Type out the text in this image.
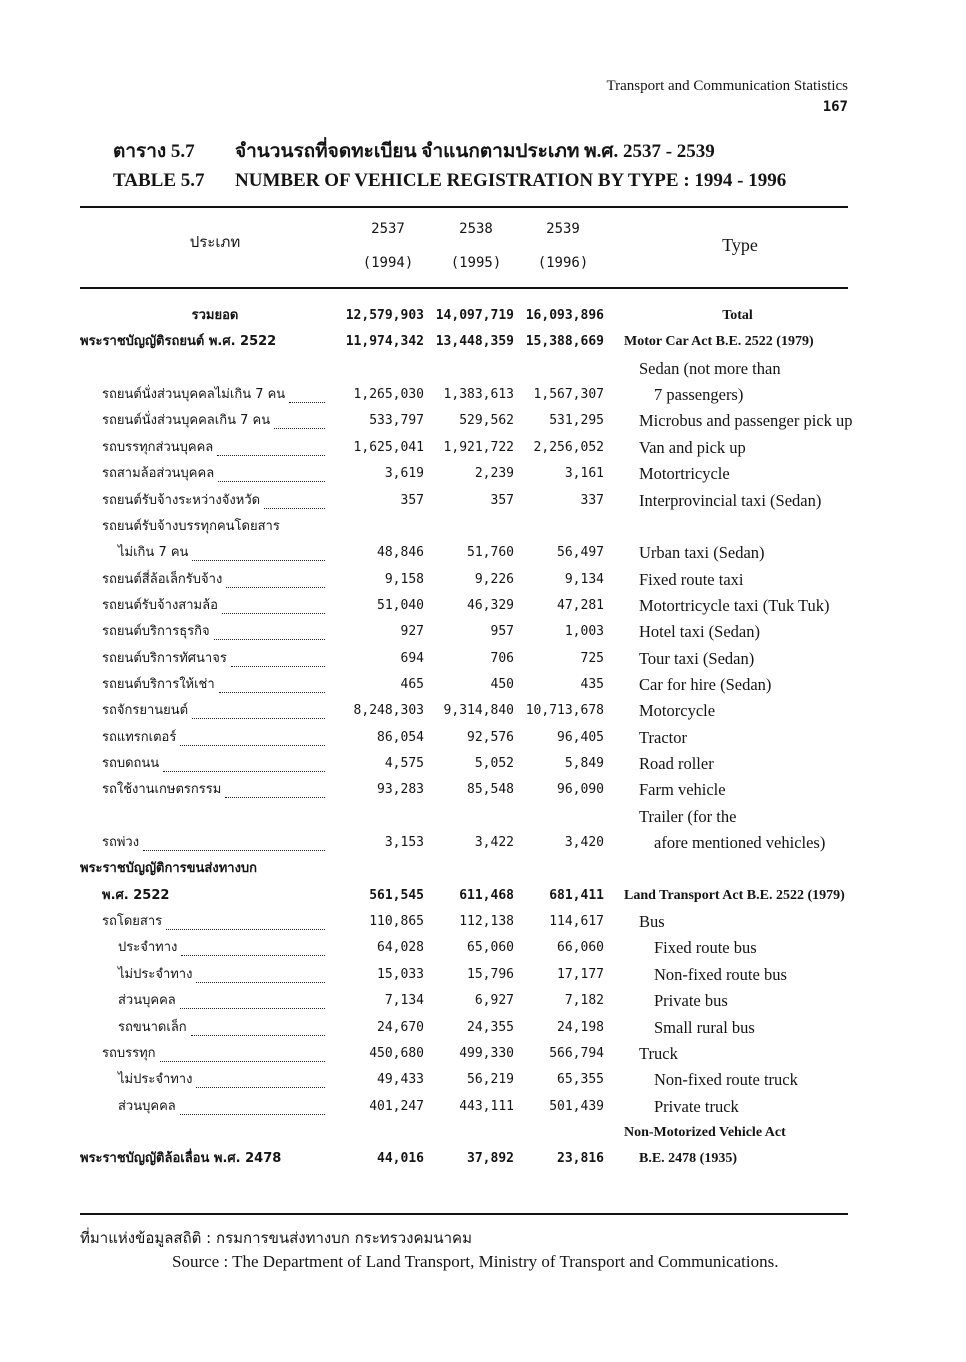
Transport and Communication Statistics
167
ตาราง 5.7 จำนวนรถที่จดทะเบียน จำแนกตามประเภท พ.ศ. 2537 - 2539
TABLE 5.7 NUMBER OF VEHICLE REGISTRATION BY TYPE : 1994 - 1996
ประเภท
2537	2538	2539
(1994)	(1995)	(1996)
Type
รวมยอด	12,579,903 14,097,719 16,093,896	Total
พระราชบัญญัติรถยนต์ พ.ศ. 2522	11,974,342 13,448,359 15,388,669 Motor Car Act B.E. 2522 (1979)
Sedan (not more than
รถยนต์นั่งส่วนบุคคลไม่เกิน 7 คน	1,265,030 1,383,613 1,567,307	7 passengers)
รถยนต์นั่งส่วนบุคคลเกิน 7 คน	533,797	529,562	531,295 Microbus and passenger pick up
รถบรรทุกส่วนบุคคล	1,625,041 1,921,722 2,256,052 Van and pick up
รถสามล้อส่วนบุคคล	3,619	2,239	3,161 Motortricycle
รถยนต์รับจ้างระหว่างจังหวัด	357	357	337 Interprovincial taxi (Sedan)
รถยนต์รับจ้างบรรทุกคนโดยสาร
ไม่เกิน 7 คน	48,846	51,760	56,497 Urban taxi (Sedan)
รถยนต์สี่ล้อเล็กรับจ้าง	9,158	9,226	9,134 Fixed route taxi
รถยนต์รับจ้างสามล้อ	51,040	46,329	47,281 Motortricycle taxi (Tuk Tuk)
รถยนต์บริการธุรกิจ	927	957	1,003 Hotel taxi (Sedan)
รถยนต์บริการทัศนาจร	694	706	725 Tour taxi (Sedan)
รถยนต์บริการให้เช่า	465	450	435 Car for hire (Sedan)
รถจักรยานยนต์	8,248,303 9,314,840 10,713,678 Motorcycle
รถแทรกเตอร์	86,054	92,576	96,405 Tractor
รถบดถนน	4,575	5,052	5,849 Road roller
รถใช้งานเกษตรกรรม	93,283	85,548	96,090 Farm vehicle
Trailer (for the
รถพ่วง	3,153	3,422	3,420	afore mentioned vehicles)
พระราชบัญญัติการขนส่งทางบก
พ.ศ. 2522	561,545	611,468	681,411 Land Transport Act B.E. 2522 (1979)
รถโดยสาร	110,865	112,138	114,617 Bus
ประจำทาง	64,028	65,060	66,060	Fixed route bus
ไม่ประจำทาง	15,033	15,796	17,177	Non-fixed route bus
ส่วนบุคคล	7,134	6,927	7,182	Private bus
รถขนาดเล็ก	24,670	24,355	24,198	Small rural bus
รถบรรทุก	450,680	499,330	566,794 Truck
ไม่ประจำทาง	49,433	56,219	65,355	Non-fixed route truck
ส่วนบุคคล	401,247	443,111	501,439	Private truck
Non-Motorized Vehicle Act
พระราชบัญญัติล้อเลื่อน พ.ศ. 2478	44,016	37,892	23,816	B.E. 2478 (1935)
ที่มาแห่งข้อมูลสถิติ : กรมการขนส่งทางบก กระทรวงคมนาคม
Source : The Department of Land Transport, Ministry of Transport and Communications.
